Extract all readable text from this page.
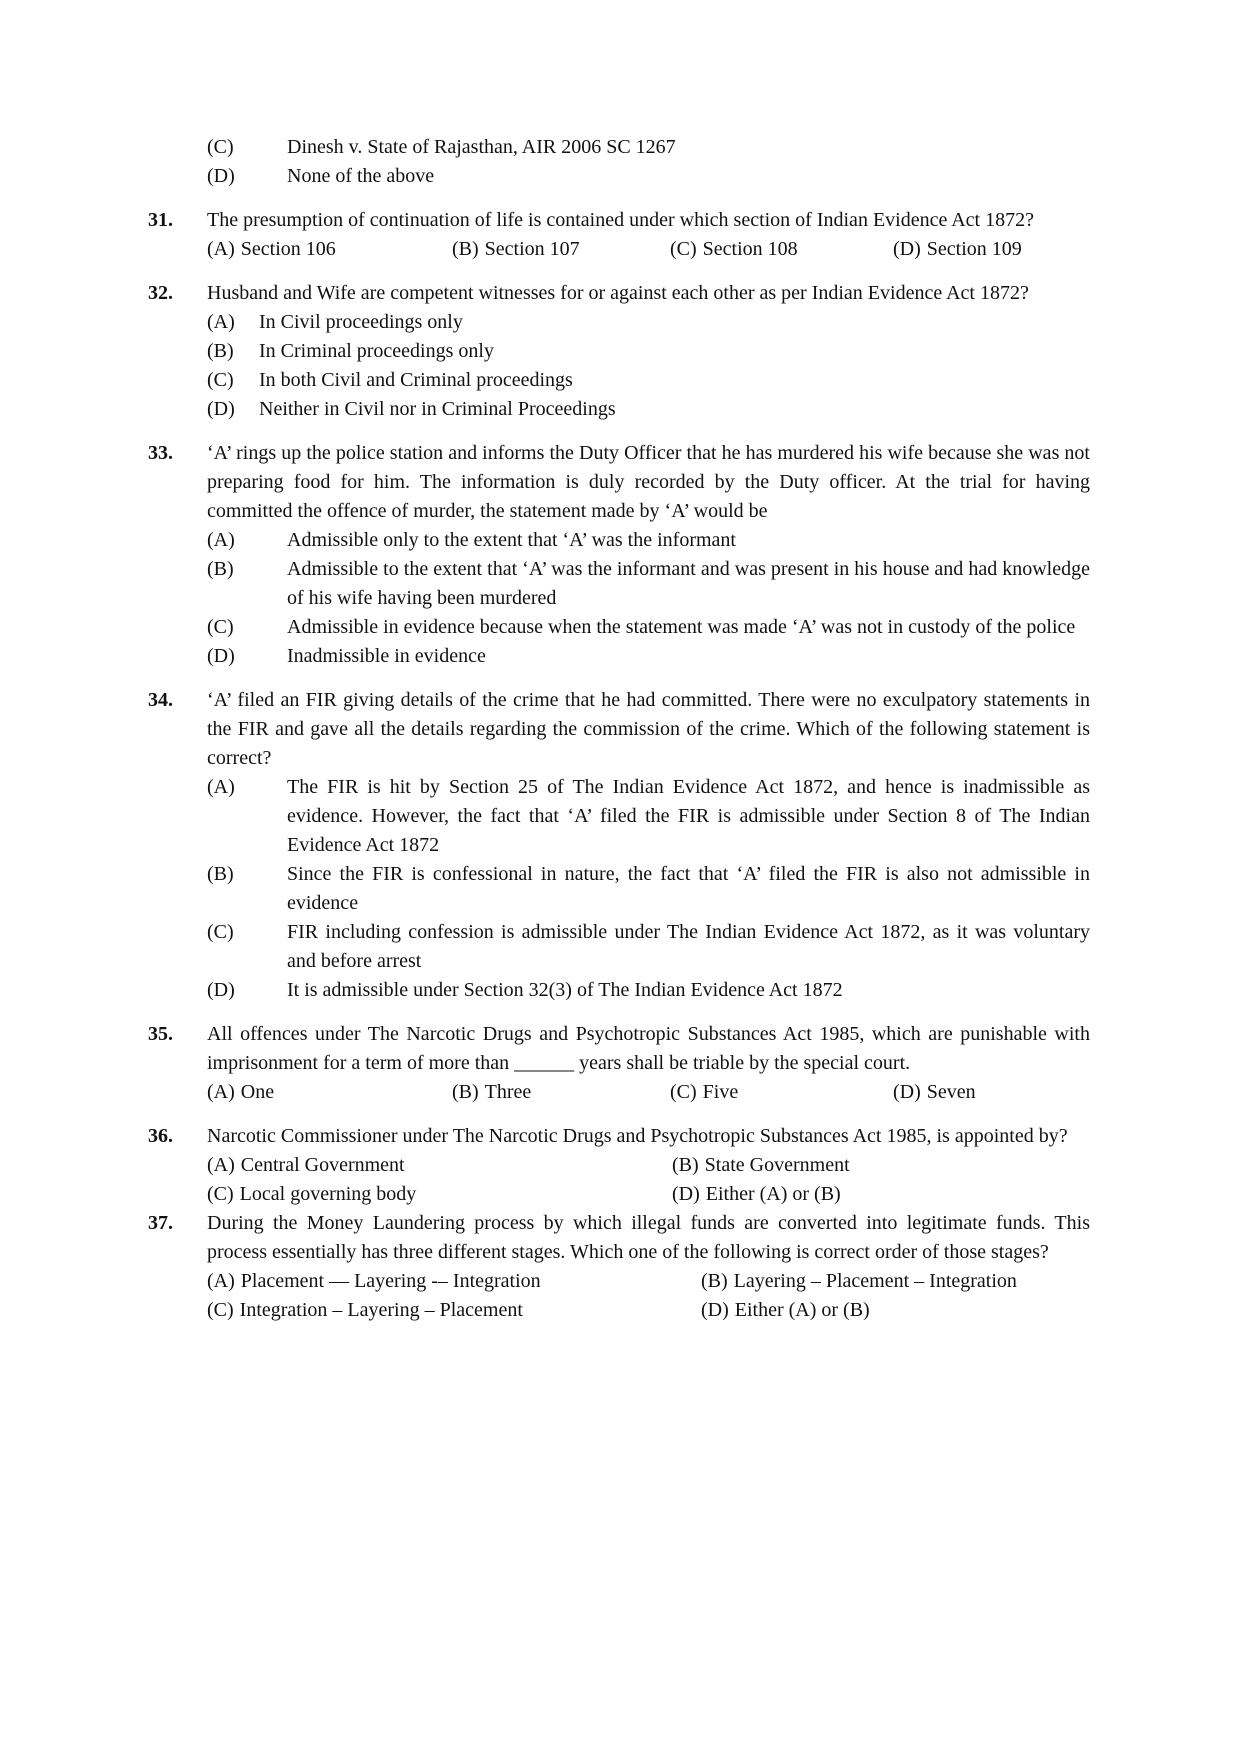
(C)	Dinesh v. State of Rajasthan, AIR 2006 SC 1267
(D)	None of the above
31.	The presumption of continuation of life is contained under which section of Indian Evidence Act 1872?

(A) Section 106	(B) Section 107	(C) Section 108	(D) Section 109
32.	Husband and Wife are competent witnesses for or against each other as per Indian Evidence Act 1872?

(A)	In Civil proceedings only
(B)	In Criminal proceedings only
(C)	In both Civil and Criminal proceedings
(D)	Neither in Civil nor in Criminal Proceedings
33.	‘A’ rings up the police station and informs the Duty Officer that he has murdered his wife because she was not preparing food for him. The information is duly recorded by the Duty officer. At the trial for having committed the offence of murder, the statement made by ‘A’ would be

(A)	Admissible only to the extent that ‘A’ was the informant
(B)	Admissible to the extent that ‘A’ was the informant and was present in his house and had knowledge of his wife having been murdered
(C)	Admissible in evidence because when the statement was made ‘A’ was not in custody of the police
(D)	Inadmissible in evidence
34.	‘A’ filed an FIR giving details of the crime that he had committed. There were no exculpatory statements in the FIR and gave all the details regarding the commission of the crime. Which of the following statement is correct?

(A)	The FIR is hit by Section 25 of The Indian Evidence Act 1872, and hence is inadmissible as evidence. However, the fact that ‘A’ filed the FIR is admissible under Section 8 of The Indian Evidence Act 1872
(B)	Since the FIR is confessional in nature, the fact that ‘A’ filed the FIR is also not admissible in evidence
(C)	FIR including confession is admissible under The Indian Evidence Act 1872, as it was voluntary and before arrest
(D)	It is admissible under Section 32(3) of The Indian Evidence Act 1872
35.	All offences under The Narcotic Drugs and Psychotropic Substances Act 1985, which are punishable with imprisonment for a term of more than ______ years shall be triable by the special court.

(A) One	(B) Three	(C) Five	(D) Seven
36.	Narcotic Commissioner under The Narcotic Drugs and Psychotropic Substances Act 1985, is appointed by?

(A) Central Government	(B) State Government
(C) Local governing body	(D) Either (A) or (B)
37.	During the Money Laundering process by which illegal funds are converted into legitimate funds. This process essentially has three different stages. Which one of the following is correct order of those stages?

(A) Placement — Layering -– Integration	(B) Layering – Placement – Integration
(C) Integration – Layering – Placement	(D) Either (A) or (B)
